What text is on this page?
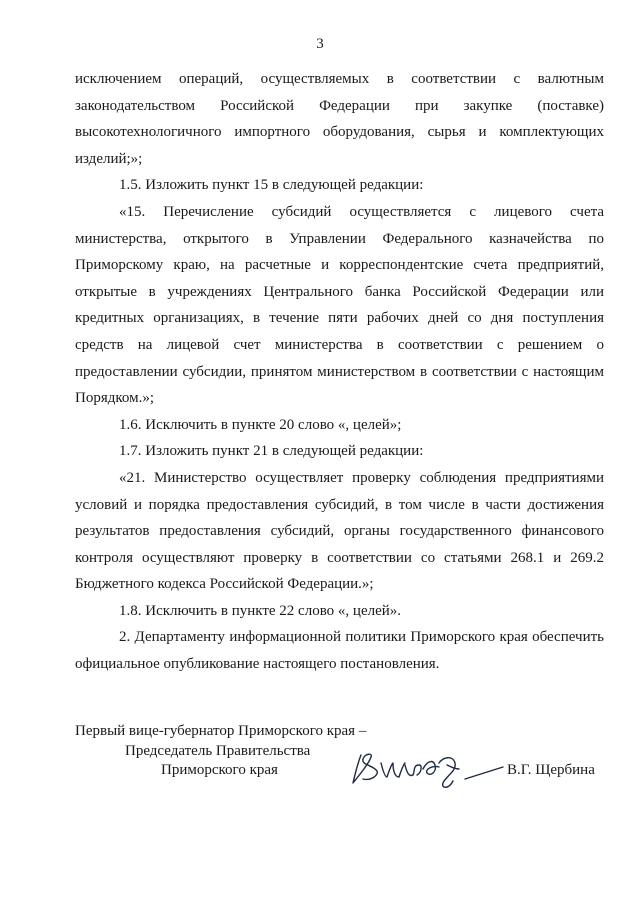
3

исключением операций, осуществляемых в соответствии с валютным законодательством Российской Федерации при закупке (поставке) высокотехнологичного импортного оборудования, сырья и комплектующих изделий;»;

1.5. Изложить пункт 15 в следующей редакции:

«15. Перечисление субсидий осуществляется с лицевого счета министерства, открытого в Управлении Федерального казначейства по Приморскому краю, на расчетные и корреспондентские счета предприятий, открытые в учреждениях Центрального банка Российской Федерации или кредитных организациях, в течение пяти рабочих дней со дня поступления средств на лицевой счет министерства в соответствии с решением о предоставлении субсидии, принятом министерством в соответствии с настоящим Порядком.»;

1.6. Исключить в пункте 20 слово «, целей»;

1.7. Изложить пункт 21 в следующей редакции:

«21. Министерство осуществляет проверку соблюдения предприятиями условий и порядка предоставления субсидий, в том числе в части достижения результатов предоставления субсидий, органы государственного финансового контроля осуществляют проверку в соответствии со статьями 268.1 и 269.2 Бюджетного кодекса Российской Федерации.»;

1.8. Исключить в пункте 22 слово «, целей».

2. Департаменту информационной политики Приморского края обеспечить официальное опубликование настоящего постановления.

Первый вице-губернатор Приморского края –
Председатель Правительства
Приморского края	В.Г. Щербина
